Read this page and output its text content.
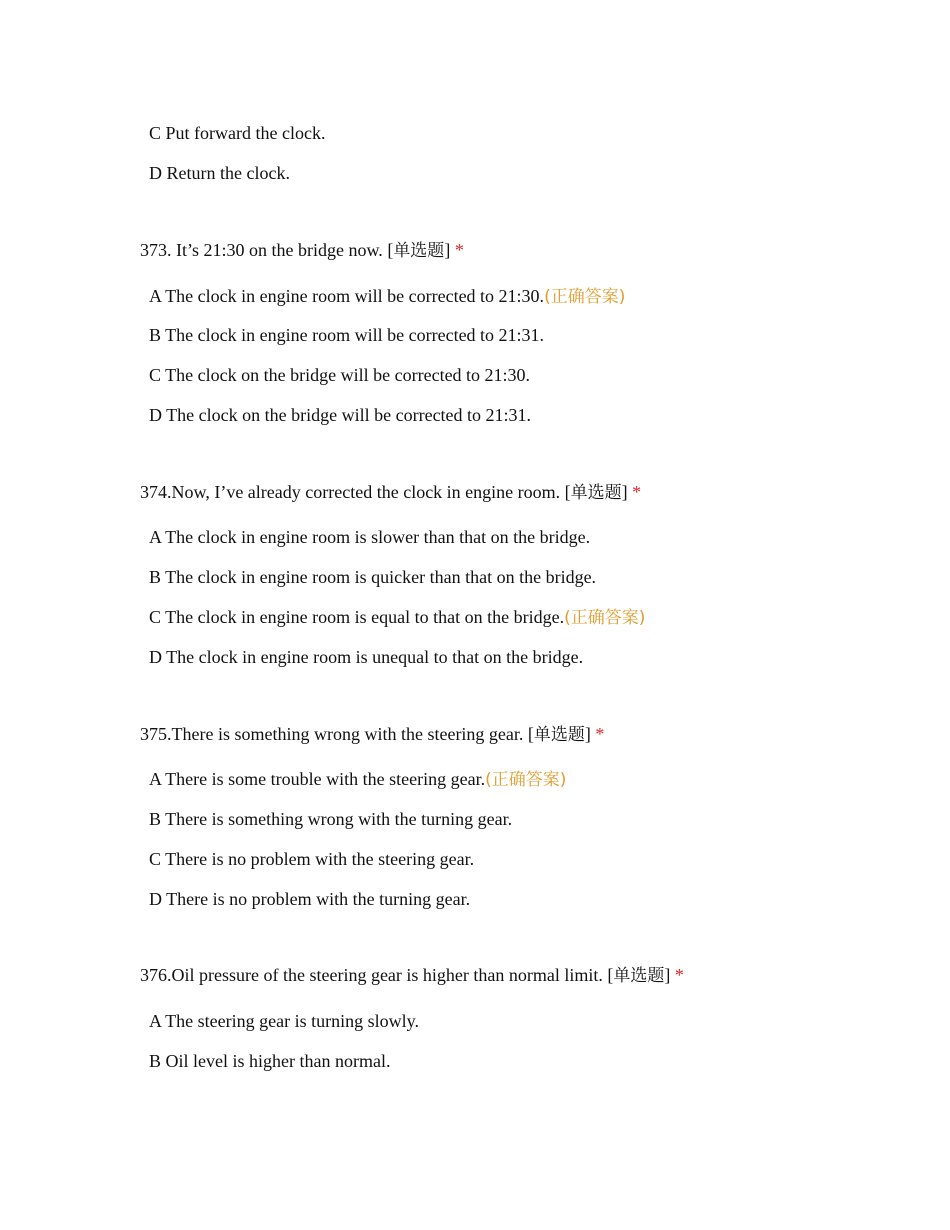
C Put forward the clock.
D Return the clock.
373. It’s 21:30 on the bridge now. [单选题] *
A The clock in engine room will be corrected to 21:30.(正确答案)
B The clock in engine room will be corrected to 21:31.
C The clock on the bridge will be corrected to 21:30.
D The clock on the bridge will be corrected to 21:31.
374.Now, I’ve already corrected the clock in engine room. [单选题] *
A The clock in engine room is slower than that on the bridge.
B The clock in engine room is quicker than that on the bridge.
C The clock in engine room is equal to that on the bridge.(正确答案)
D The clock in engine room is unequal to that on the bridge.
375.There is something wrong with the steering gear. [单选题] *
A There is some trouble with the steering gear.(正确答案)
B There is something wrong with the turning gear.
C There is no problem with the steering gear.
D There is no problem with the turning gear.
376.Oil pressure of the steering gear is higher than normal limit. [单选题] *
A The steering gear is turning slowly.
B Oil level is higher than normal.
